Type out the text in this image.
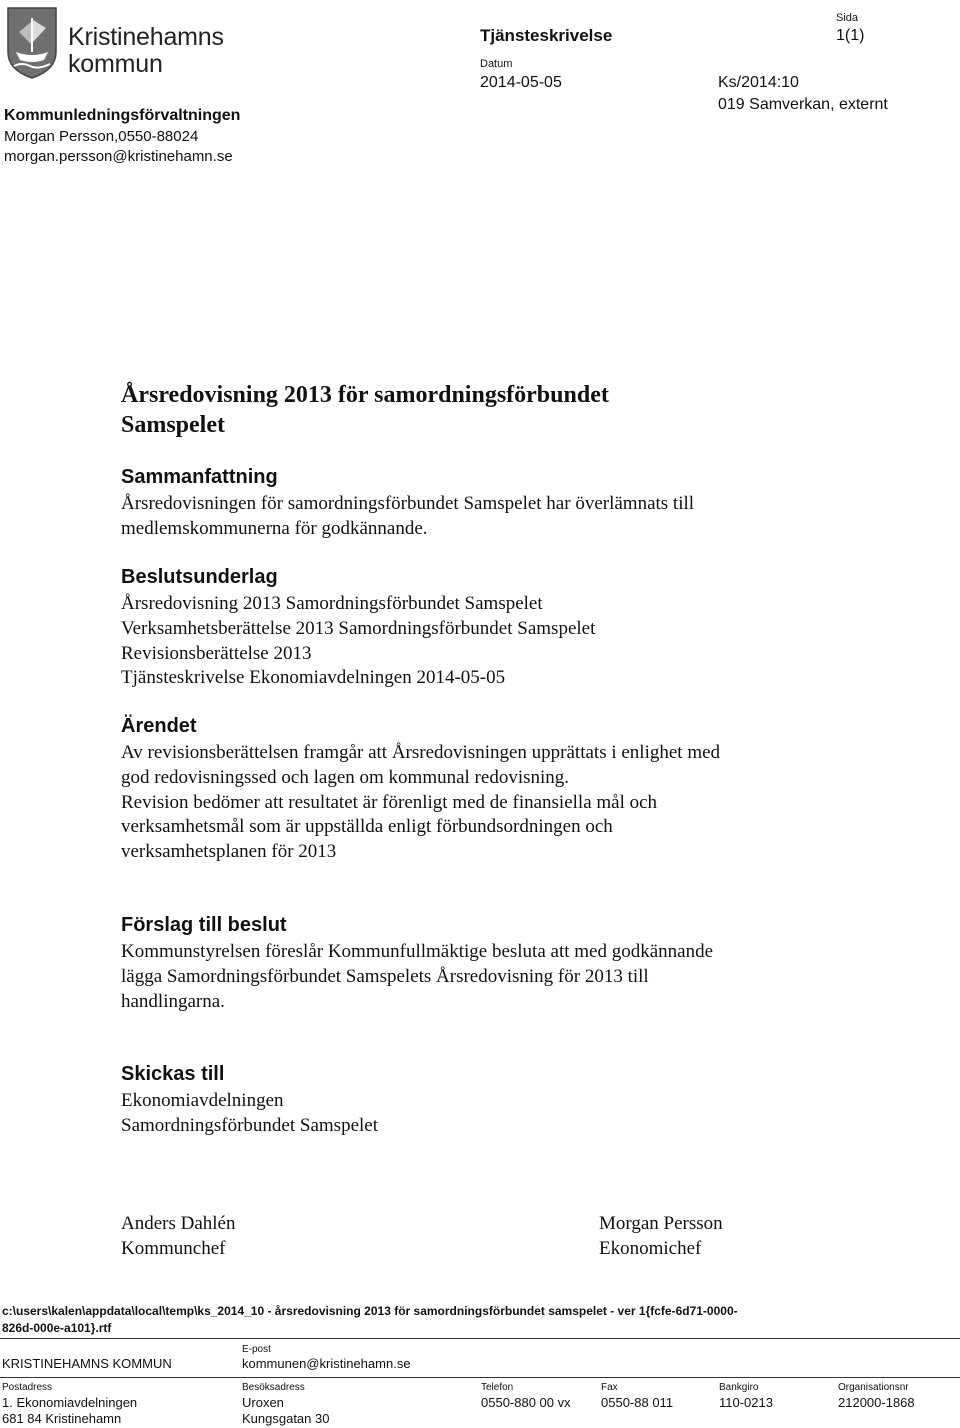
Kristinehamns
kommun
Kommunledningsförvaltningen
Morgan Persson,0550-88024
morgan.persson@kristinehamn.se
Tjänsteskrivelse
Datum
2014-05-05	Ks/2014:10
019 Samverkan, externt
Sida
1(1)
Årsredovisning 2013 för samordningsförbundet
Samspelet
Sammanfattning
Årsredovisningen för samordningsförbundet Samspelet har överlämnats till
medlemskommunerna för godkännande.
Beslutsunderlag
Årsredovisning 2013 Samordningsförbundet Samspelet
Verksamhetsberättelse 2013 Samordningsförbundet Samspelet
Revisionsberättelse 2013
Tjänsteskrivelse Ekonomiavdelningen 2014-05-05
Ärendet
Av revisionsberättelsen framgår att Årsredovisningen upprättats i enlighet med
god redovisningssed och lagen om kommunal redovisning.
Revision bedömer att resultatet är förenligt med de finansiella mål och
verksamhetsmål som är uppställda enligt förbundsordningen och
verksamhetsplanen för 2013
Förslag till beslut
Kommunstyrelsen föreslår Kommunfullmäktige besluta att med godkännande
lägga Samordningsförbundet Samspelets Årsredovisning för 2013 till
handlingarna.
Skickas till
Ekonomiavdelningen
Samordningsförbundet Samspelet
Anders Dahlén
Kommunchef
Morgan Persson
Ekonomichef
c:\users\kalen\appdata\local\temp\ks_2014_10 - årsredovisning 2013 för samordningsförbundet samspelet - ver 1{fcfe-6d71-0000-
826d-000e-a101}.rtf
KRISTINEHAMNS KOMMUN
E-post
kommunen@kristinehamn.se
Postadress
1. Ekonomiavdelningen
681 84 Kristinehamn
Besöksadress
Uroxen
Kungsgatan 30
Telefon
0550-880 00 vx
Fax
0550-88 011
Bankgiro
110-0213
Organisationsnr
212000-1868
